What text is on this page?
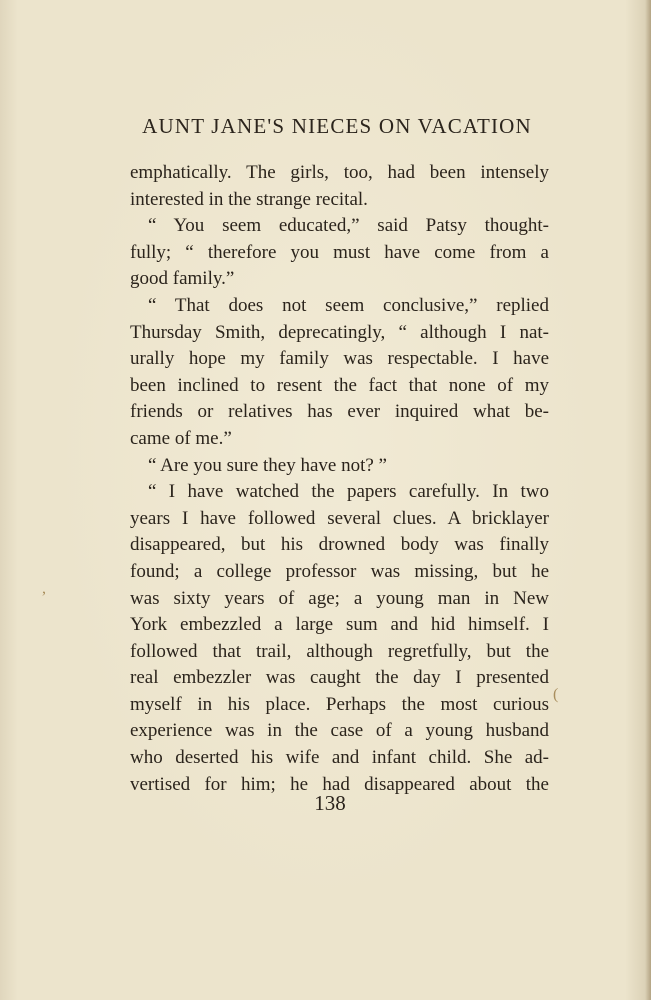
AUNT JANE'S NIECES ON VACATION
emphatically. The girls, too, had been intensely
interested in the strange recital.
“ You seem educated,” said Patsy thought-
fully; “ therefore you must have come from a
good family.”
“ That does not seem conclusive,” replied
Thursday Smith, deprecatingly, “ although I nat-
urally hope my family was respectable. I have
been inclined to resent the fact that none of my
friends or relatives has ever inquired what be-
came of me.”
“ Are you sure they have not? ”
“ I have watched the papers carefully. In two
years I have followed several clues. A bricklayer
disappeared, but his drowned body was finally
found; a college professor was missing, but he
was sixty years of age; a young man in New
York embezzled a large sum and hid himself. I
followed that trail, although regretfully, but the
real embezzler was caught the day I presented
myself in his place. Perhaps the most curious
experience was in the case of a young husband
who deserted his wife and infant child. She ad-
vertised for him; he had disappeared about the
138
,
(
